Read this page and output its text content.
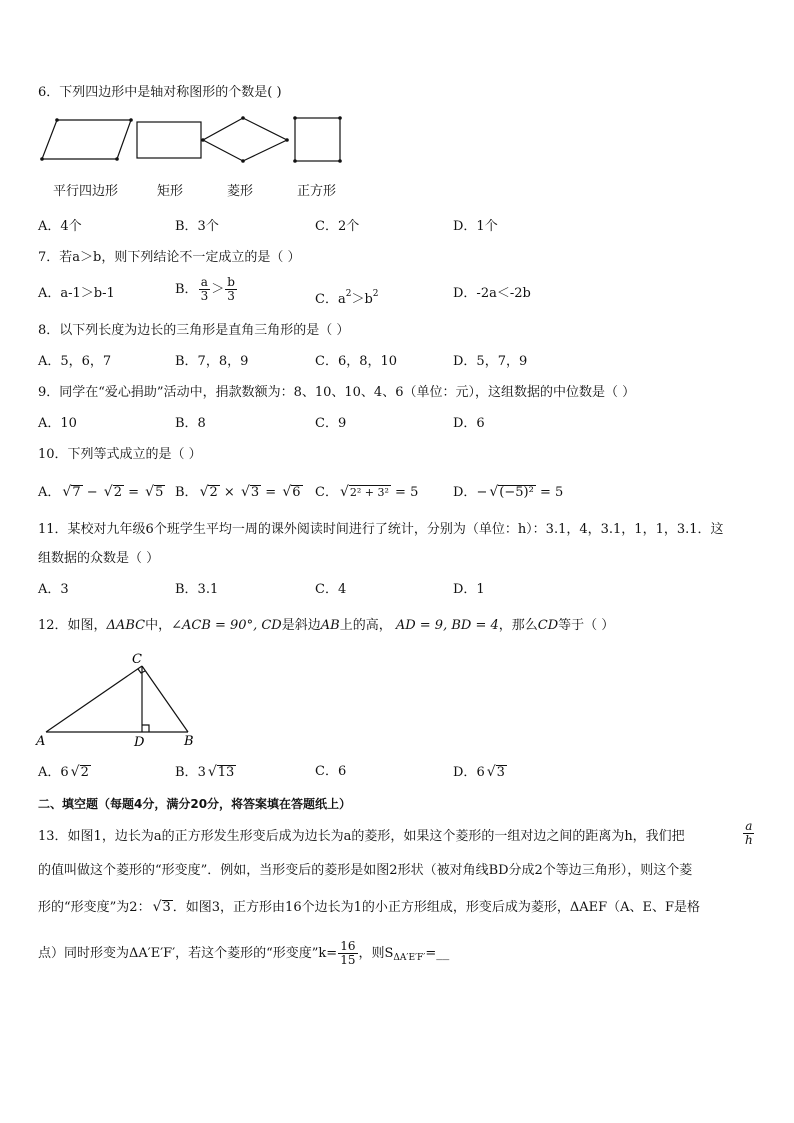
6．下列四边形中是轴对称图形的个数是( )
平行四边形	矩形	菱形	正方形
A．4个	B．3个	C．2个	D．1个
7．若a＞b，则下列结论不一定成立的是（ ）
A．a-1＞b-1	B． $\frac{a}{3} > \frac{b}{3}$	C．$a^2>b^2$	D．-2a＜-2b
8．以下列长度为边长的三角形是直角三角形的是（ ）
A．5，6，7	B．7，8，9	C．6，8，10	D．5，7，9
9．同学在“爱心捐助”活动中，捐款数额为：8、10、10、4、6（单位：元），这组数据的中位数是（ ）
A．10	B．8	C．9	D．6
10．下列等式成立的是（ ）
A． √7 − √2 = √5 B． √2 × √3 = √6 C． √2² + 3² = 5	D．− √(−5)² = 5
11．某校对九年级6个班学生平均一周的课外阅读时间进行了统计，分别为（单位：h）：3.1，4，3.1，1，1，3.1．这
组数据的众数是（ ）
A．3	B．3.1	C．4	D．1
12．如图，ΔABC中，∠ACB = 90°, CD是斜边AB上的高， AD = 9, BD = 4，那么CD等于（ ）
A	B
C
D
A．6 √2	B．3 √13	C．6	D．6 √3
二、填空题（每题4分，满分20分，将答案填在答题纸上）
13．如图1，边长为a的正方形发生形变后成为边长为a的菱形，如果这个菱形的一组对边之间的距离为h，我们把	$\frac{a}{h}$
的值叫做这个菱形的“形变度”．例如，当形变后的菱形是如图2形状（被对角线BD分成2个等边三角形），则这个菱
形的“形变度”为2： √3 ．如图3，正方形由16个边长为1的小正方形组成，形变后成为菱形，ΔAEF（A、E、F是格
点）同时形变为ΔA′E′F′，若这个菱形的“形变度”k= $\frac{16}{15}$ ，则$S_{\Delta A'E'F'}=\_\_$
